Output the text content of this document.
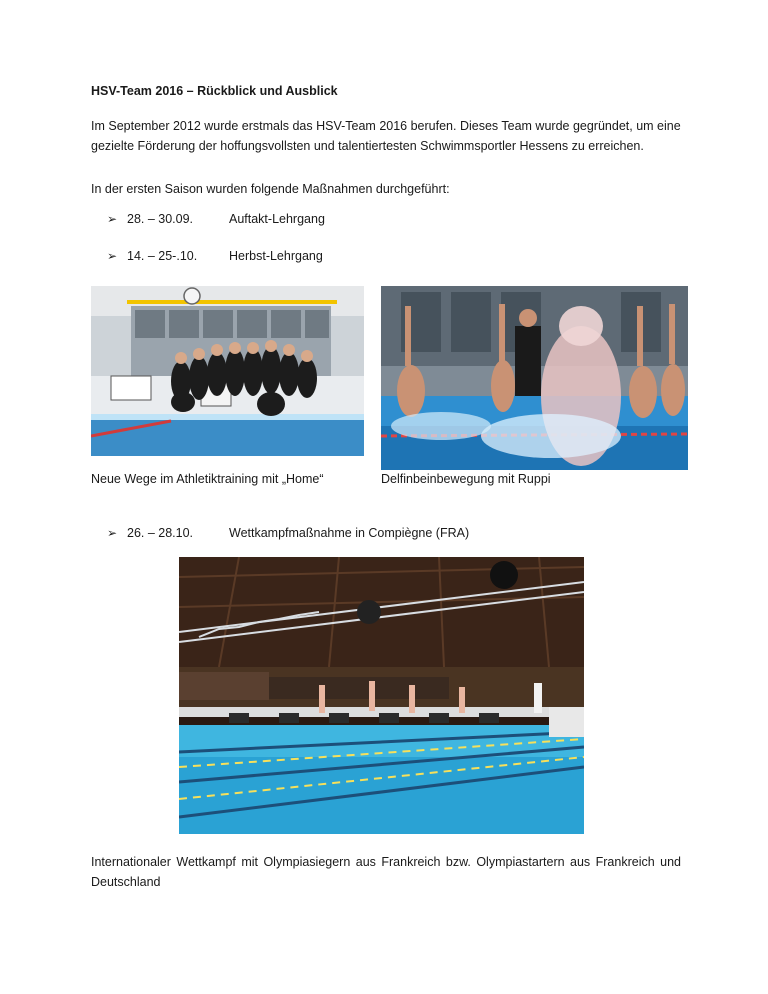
HSV-Team 2016 – Rückblick und Ausblick
Im September 2012 wurde erstmals das HSV-Team 2016 berufen. Dieses Team wurde gegründet, um eine gezielte Förderung der hoffungsvollsten und talentiertesten Schwimmsportler Hessens zu erreichen.
In der ersten Saison wurden folgende Maßnahmen durchgeführt:
➢ 28. – 30.09.	Auftakt-Lehrgang
➢ 14. – 25-.10.	Herbst-Lehrgang
Neue Wege im Athletiktraining mit „Home“	Delfinbeinbewegung mit Ruppi
➢ 26. – 28.10.	Wettkampfmaßnahme in Compiègne (FRA)
Internationaler Wettkampf mit Olympiasiegern aus Frankreich bzw. Olympiastartern aus Frankreich und Deutschland
